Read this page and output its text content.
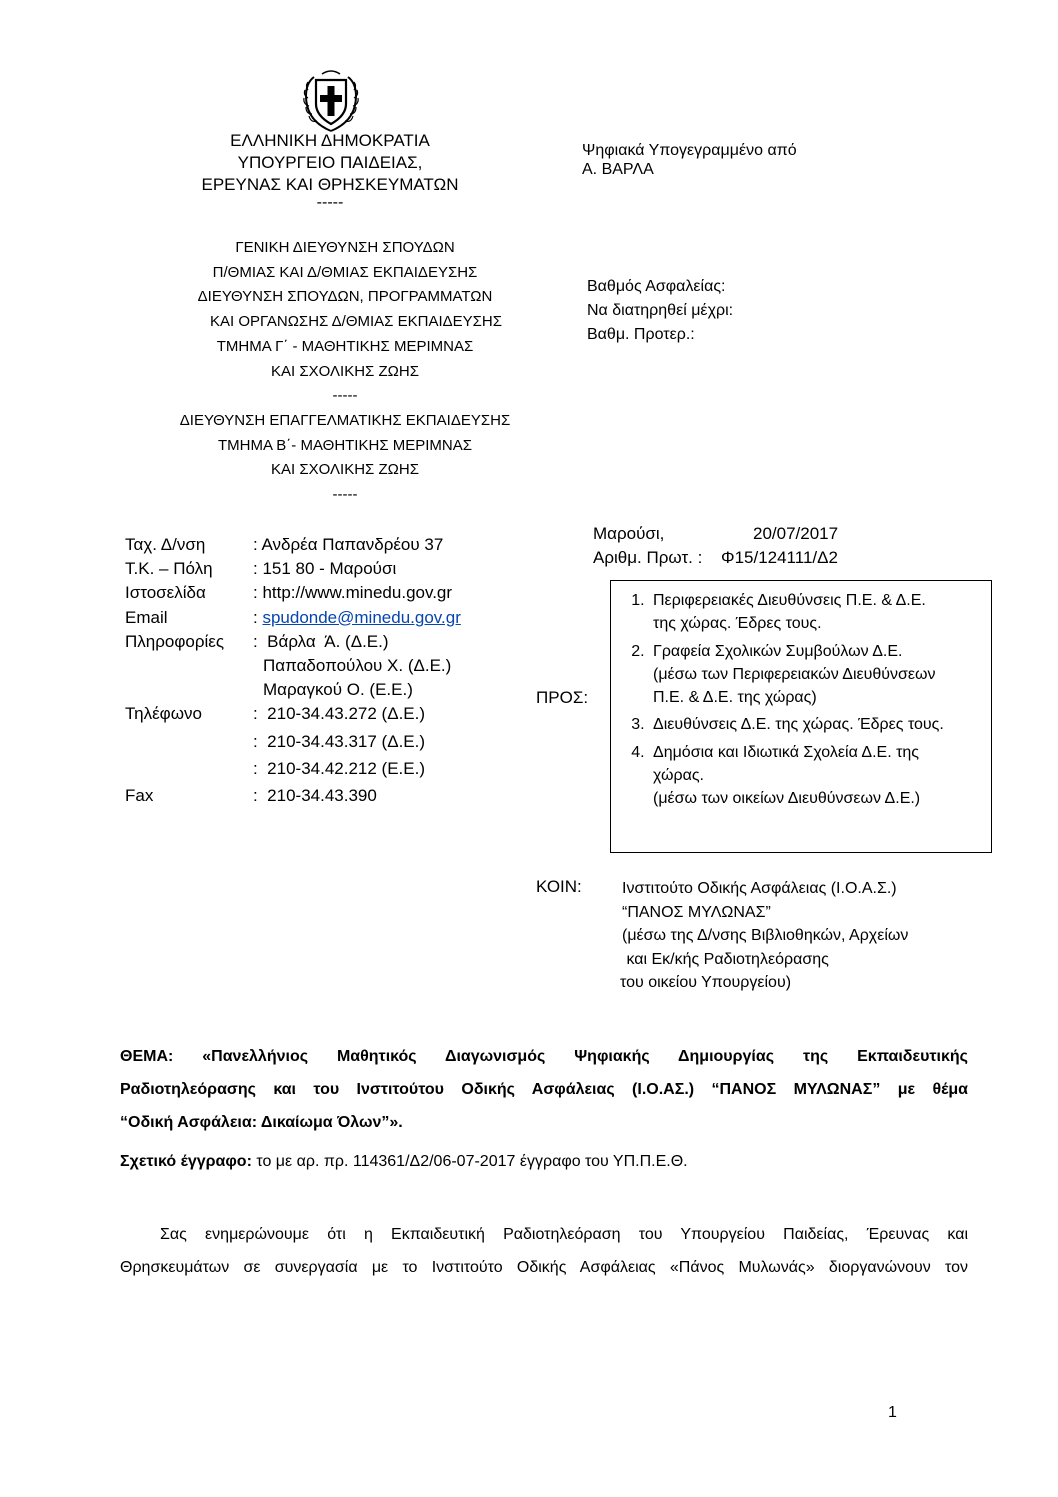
ΕΛΛΗΝΙΚΗ ΔΗΜΟΚΡΑΤΙΑ
ΥΠΟΥΡΓΕΙΟ ΠΑΙΔΕΙΑΣ,
ΕΡΕΥΝΑΣ ΚΑΙ ΘΡΗΣΚΕΥΜΑΤΩΝ
-----
ΓΕΝΙΚΗ ΔΙΕΥΘΥΝΣΗ ΣΠΟΥΔΩΝ
Π/ΘΜΙΑΣ ΚΑΙ Δ/ΘΜΙΑΣ ΕΚΠΑΙΔΕΥΣΗΣ
ΔΙΕΥΘΥΝΣΗ ΣΠΟΥΔΩΝ, ΠΡΟΓΡΑΜΜΑΤΩΝ
ΚΑΙ ΟΡΓΑΝΩΣΗΣ Δ/ΘΜΙΑΣ ΕΚΠΑΙΔΕΥΣΗΣ
ΤΜΗΜΑ Γ΄ - ΜΑΘΗΤΙΚΗΣ ΜΕΡΙΜΝΑΣ
ΚΑΙ ΣΧΟΛΙΚΗΣ ΖΩΗΣ
-----
ΔΙΕΥΘΥΝΣΗ ΕΠΑΓΓΕΛΜΑΤΙΚΗΣ ΕΚΠΑΙΔΕΥΣΗΣ
ΤΜΗΜΑ Β΄- ΜΑΘΗΤΙΚΗΣ ΜΕΡΙΜΝΑΣ
ΚΑΙ ΣΧΟΛΙΚΗΣ ΖΩΗΣ
-----
Ψηφιακά Υπογεγραμμένο από
Α. ΒΑΡΛΑ
Βαθμός Ασφαλείας:
Να διατηρηθεί μέχρι:
Βαθμ. Προτερ.:
Μαρούσι,	20/07/2017
Αριθμ. Πρωτ. :	Φ15/124111/Δ2
Ταχ. Δ/νση	: Ανδρέα Παπανδρέου 37
Τ.Κ. – Πόλη	: 151 80 - Μαρούσι
Ιστοσελίδα	: http://www.minedu.gov.gr
Email	: spudonde@minedu.gov.gr
Πληροφορίες	:  Βάρλα  Ά. (Δ.Ε.)
Παπαδοπούλου Χ. (Δ.Ε.)
Μαραγκού Ο. (Ε.Ε.)
Τηλέφωνο	:  210-34.43.272 (Δ.Ε.)
:  210-34.43.317 (Δ.Ε.)
:  210-34.42.212 (Ε.Ε.)
Fax	:  210-34.43.390
ΠΡΟΣ:
1. Περιφερειακές Διευθύνσεις Π.Ε. & Δ.Ε.
της χώρας. Έδρες τους.
2. Γραφεία Σχολικών Συμβούλων Δ.Ε.
(μέσω των Περιφερειακών Διευθύνσεων
Π.Ε. & Δ.Ε. της χώρας)
3. Διευθύνσεις Δ.Ε. της χώρας. Έδρες τους.
4. Δημόσια και Ιδιωτικά Σχολεία Δ.Ε. της
χώρας.
(μέσω των οικείων Διευθύνσεων Δ.Ε.)
ΚΟΙΝ:	Ινστιτούτο Οδικής Ασφάλειας (Ι.Ο.Α.Σ.)
“ΠΑΝΟΣ ΜΥΛΩΝΑΣ”
(μέσω της Δ/νσης Βιβλιοθηκών, Αρχείων
και Εκ/κής Ραδιοτηλεόρασης
του οικείου Υπουργείου)
ΘΕΜΑ: «Πανελλήνιος Μαθητικός Διαγωνισμός Ψηφιακής Δημιουργίας της Εκπαιδευτικής
Ραδιοτηλεόρασης και του Ινστιτούτου Οδικής Ασφάλειας (Ι.Ο.ΑΣ.) “ΠΑΝΟΣ ΜΥΛΩΝΑΣ” με θέμα
“Οδική Ασφάλεια: Δικαίωμα Όλων”».
Σχετικό έγγραφο: το με αρ. πρ. 114361/Δ2/06-07-2017 έγγραφο του ΥΠ.Π.Ε.Θ.
Σας ενημερώνουμε ότι η Εκπαιδευτική Ραδιοτηλεόραση του Υπουργείου Παιδείας, Έρευνας και
Θρησκευμάτων σε συνεργασία με το Ινστιτούτο Οδικής Ασφάλειας «Πάνος Μυλωνάς» διοργανώνουν τον
1
